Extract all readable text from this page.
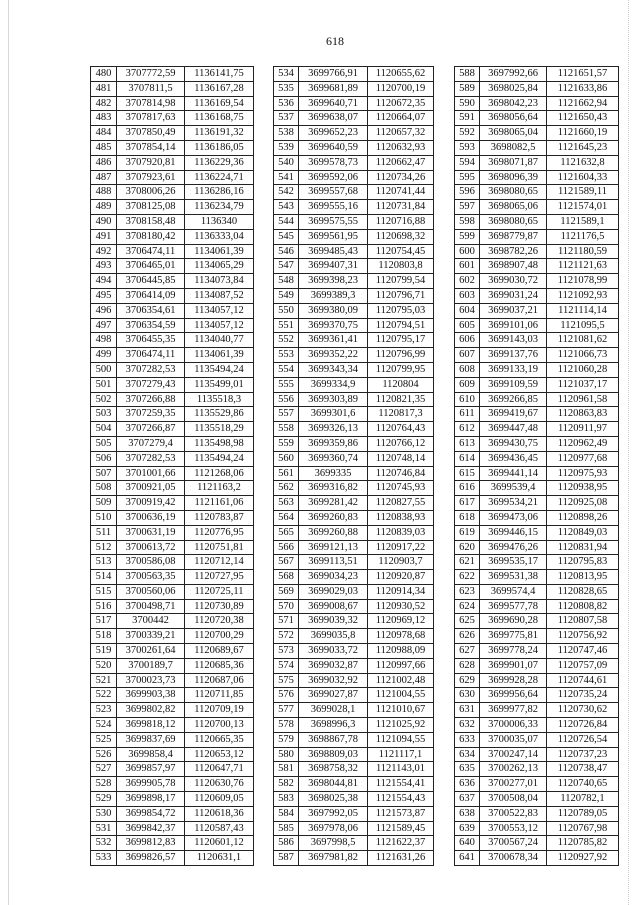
618
480	3707772,59	1136141,75
481	3707811,5	1136167,28
482	3707814,98	1136169,54
483	3707817,63	1136168,75
484	3707850,49	1136191,32
485	3707854,14	1136186,05
486	3707920,81	1136229,36
487	3707923,61	1136224,71
488	3708006,26	1136286,16
489	3708125,08	1136234,79
490	3708158,48	1136340
491	3708180,42	1136333,04
492	3706474,11	1134061,39
493	3706465,01	1134065,29
494	3706445,85	1134073,84
495	3706414,09	1134087,52
496	3706354,61	1134057,12
497	3706354,59	1134057,12
498	3706455,35	1134040,77
499	3706474,11	1134061,39
500	3707282,53	1135494,24
501	3707279,43	1135499,01
502	3707266,88	1135518,3
503	3707259,35	1135529,86
504	3707266,87	1135518,29
505	3707279,4	1135498,98
506	3707282,53	1135494,24
507	3701001,66	1121268,06
508	3700921,05	1121163,2
509	3700919,42	1121161,06
510	3700636,19	1120783,87
511	3700631,19	1120776,95
512	3700613,72	1120751,81
513	3700586,08	1120712,14
514	3700563,35	1120727,95
515	3700560,06	1120725,11
516	3700498,71	1120730,89
517	3700442	1120720,38
518	3700339,21	1120700,29
519	3700261,64	1120689,67
520	3700189,7	1120685,36
521	3700023,73	1120687,06
522	3699903,38	1120711,85
523	3699802,82	1120709,19
524	3699818,12	1120700,13
525	3699837,69	1120665,35
526	3699858,4	1120653,12
527	3699857,97	1120647,71
528	3699905,78	1120630,76
529	3699898,17	1120609,05
530	3699854,72	1120618,36
531	3699842,37	1120587,43
532	3699812,83	1120601,12
533	3699826,57	1120631,1
534	3699766,91	1120655,62
535	3699681,89	1120700,19
536	3699640,71	1120672,35
537	3699638,07	1120664,07
538	3699652,23	1120657,32
539	3699640,59	1120632,93
540	3699578,73	1120662,47
541	3699592,06	1120734,26
542	3699557,68	1120741,44
543	3699555,16	1120731,84
544	3699575,55	1120716,88
545	3699561,95	1120698,32
546	3699485,43	1120754,45
547	3699407,31	1120803,8
548	3699398,23	1120799,54
549	3699389,3	1120796,71
550	3699380,09	1120795,03
551	3699370,75	1120794,51
552	3699361,41	1120795,17
553	3699352,22	1120796,99
554	3699343,34	1120799,95
555	3699334,9	1120804
556	3699303,89	1120821,35
557	3699301,6	1120817,3
558	3699326,13	1120764,43
559	3699359,86	1120766,12
560	3699360,74	1120748,14
561	3699335	1120746,84
562	3699316,82	1120745,93
563	3699281,42	1120827,55
564	3699260,83	1120838,93
565	3699260,88	1120839,03
566	3699121,13	1120917,22
567	3699113,51	1120903,7
568	3699034,23	1120920,87
569	3699029,03	1120914,34
570	3699008,67	1120930,52
571	3699039,32	1120969,12
572	3699035,8	1120978,68
573	3699033,72	1120988,09
574	3699032,87	1120997,66
575	3699032,92	1121002,48
576	3699027,87	1121004,55
577	3699028,1	1121010,67
578	3698996,3	1121025,92
579	3698867,78	1121094,55
580	3698809,03	1121117,1
581	3698758,32	1121143,01
582	3698044,81	1121554,41
583	3698025,38	1121554,43
584	3697992,05	1121573,87
585	3697978,06	1121589,45
586	3697998,5	1121622,37
587	3697981,82	1121631,26
588	3697992,66	1121651,57
589	3698025,84	1121633,86
590	3698042,23	1121662,94
591	3698056,64	1121650,43
592	3698065,04	1121660,19
593	3698082,5	1121645,23
594	3698071,87	1121632,8
595	3698096,39	1121604,33
596	3698080,65	1121589,11
597	3698065,06	1121574,01
598	3698080,65	1121589,1
599	3698779,87	1121176,5
600	3698782,26	1121180,59
601	3698907,48	1121121,63
602	3699030,72	1121078,99
603	3699031,24	1121092,93
604	3699037,21	1121114,14
605	3699101,06	1121095,5
606	3699143,03	1121081,62
607	3699137,76	1121066,73
608	3699133,19	1121060,28
609	3699109,59	1121037,17
610	3699266,85	1120961,58
611	3699419,67	1120863,83
612	3699447,48	1120911,97
613	3699430,75	1120962,49
614	3699436,45	1120977,68
615	3699441,14	1120975,93
616	3699539,4	1120938,95
617	3699534,21	1120925,08
618	3699473,06	1120898,26
619	3699446,15	1120849,03
620	3699476,26	1120831,94
621	3699535,17	1120795,83
622	3699531,38	1120813,95
623	3699574,4	1120828,65
624	3699577,78	1120808,82
625	3699690,28	1120807,58
626	3699775,81	1120756,92
627	3699778,24	1120747,46
628	3699901,07	1120757,09
629	3699928,28	1120744,61
630	3699956,64	1120735,24
631	3699977,82	1120730,62
632	3700006,33	1120726,84
633	3700035,07	1120726,54
634	3700247,14	1120737,23
635	3700262,13	1120738,47
636	3700277,01	1120740,65
637	3700508,04	1120782,1
638	3700522,83	1120789,05
639	3700553,12	1120767,98
640	3700567,24	1120785,82
641	3700678,34	1120927,92
